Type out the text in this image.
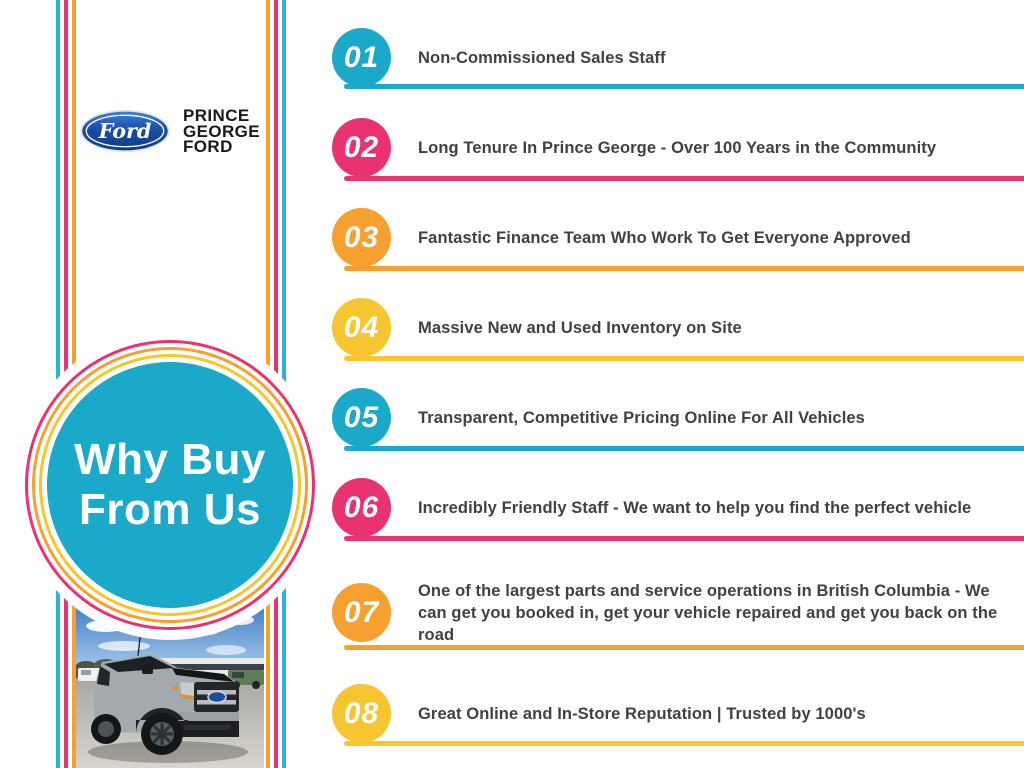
Ford
PRINCE
GEORGE
FORD
Why Buy
From Us
01 Non-Commissioned Sales Staff
02 Long Tenure In Prince George - Over 100 Years in the Community
03 Fantastic Finance Team Who Work To Get Everyone Approved
04 Massive New and Used Inventory on Site
05 Transparent, Competitive Pricing Online For All Vehicles
06 Incredibly Friendly Staff - We want to help you find the perfect vehicle
07
One of the largest parts and service operations in British Columbia - We can get you booked in, get your vehicle repaired and get you back on the road
08 Great Online and In-Store Reputation | Trusted by 1000's
